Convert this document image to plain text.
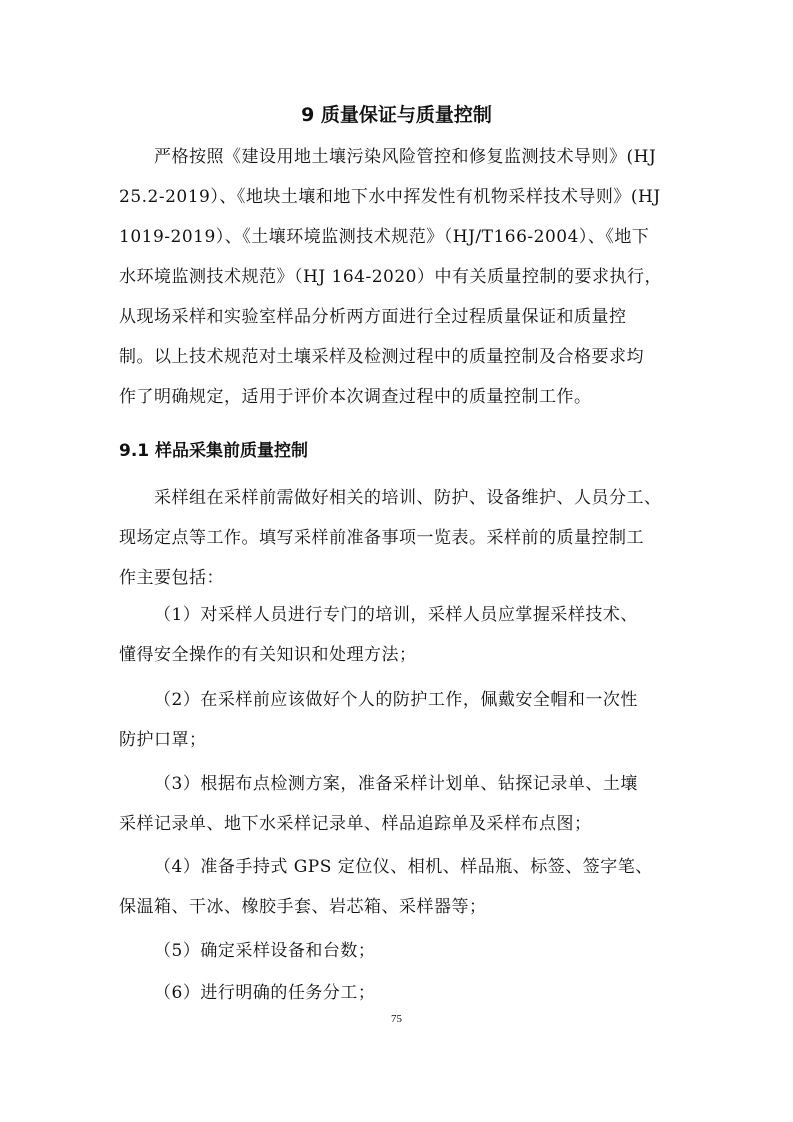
9 质量保证与质量控制
严格按照《建设用地土壤污染风险管控和修复监测技术导则》(HJ
25.2-2019）、《地块土壤和地下水中挥发性有机物采样技术导则》(HJ
1019-2019）、《土壤环境监测技术规范》（HJ/T166-2004）、《地下
水环境监测技术规范》（HJ 164-2020）中有关质量控制的要求执行，
从现场采样和实验室样品分析两方面进行全过程质量保证和质量控
制。以上技术规范对土壤采样及检测过程中的质量控制及合格要求均
作了明确规定，适用于评价本次调查过程中的质量控制工作。
9.1 样品采集前质量控制
采样组在采样前需做好相关的培训、防护、设备维护、人员分工、
现场定点等工作。填写采样前准备事项一览表。采样前的质量控制工
作主要包括：
（1）对采样人员进行专门的培训，采样人员应掌握采样技术、
懂得安全操作的有关知识和处理方法；
（2）在采样前应该做好个人的防护工作，佩戴安全帽和一次性
防护口罩；
（3）根据布点检测方案，准备采样计划单、钻探记录单、土壤
采样记录单、地下水采样记录单、样品追踪单及采样布点图；
（4）准备手持式 GPS 定位仪、相机、样品瓶、标签、签字笔、
保温箱、干冰、橡胶手套、岩芯箱、采样器等；
（5）确定采样设备和台数；
（6）进行明确的任务分工；
75
